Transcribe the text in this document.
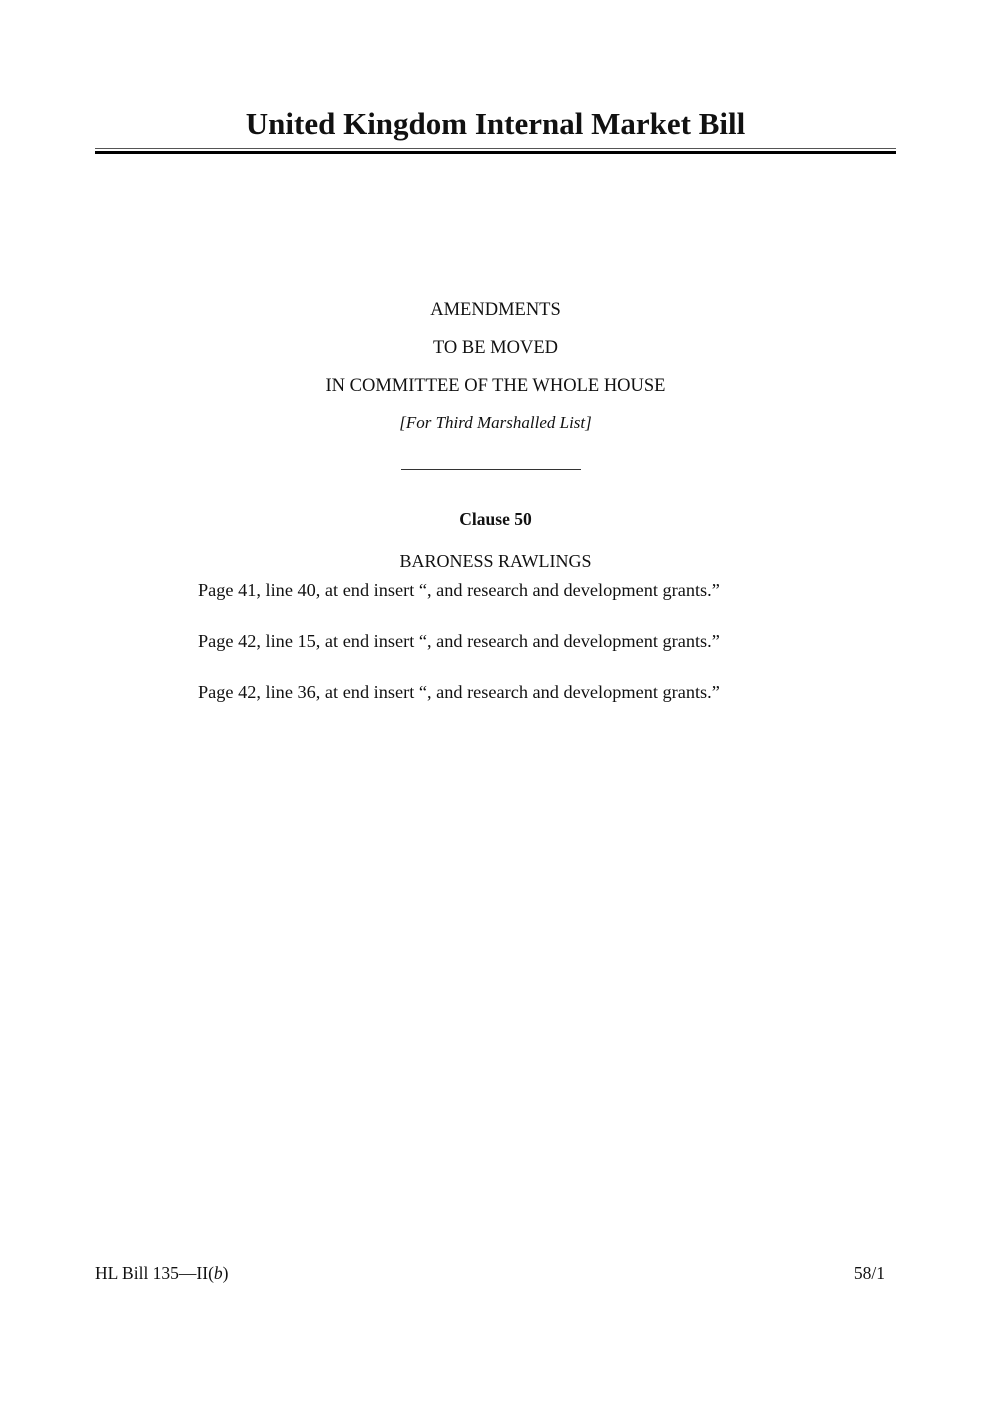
United Kingdom Internal Market Bill
AMENDMENTS
TO BE MOVED
IN COMMITTEE OF THE WHOLE HOUSE
[For Third Marshalled List]
Clause 50
BARONESS RAWLINGS
Page 41, line 40, at end insert “, and research and development grants.”
Page 42, line 15, at end insert “, and research and development grants.”
Page 42, line 36, at end insert “, and research and development grants.”
HL Bill 135—II(b)	58/1
